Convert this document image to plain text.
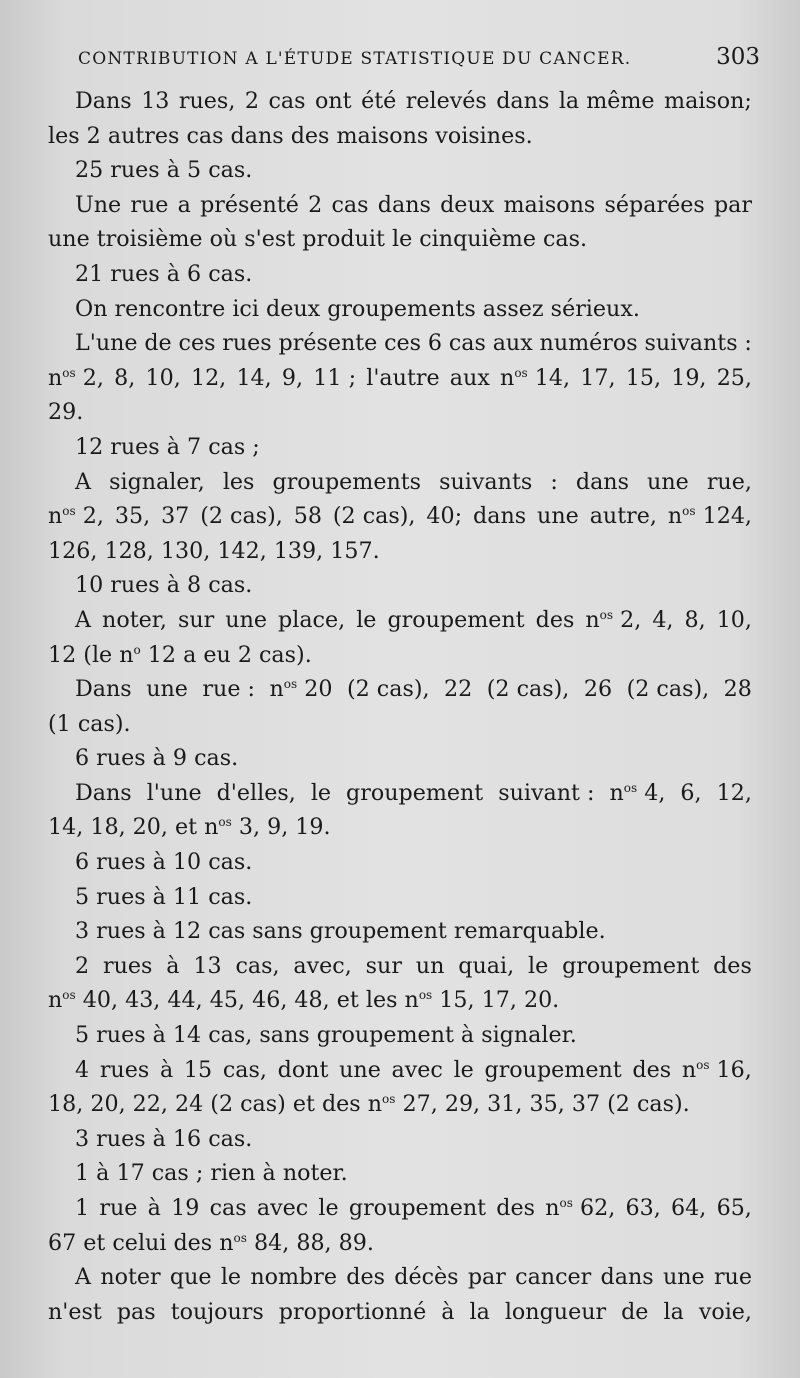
CONTRIBUTION A L'ÉTUDE STATISTIQUE DU CANCER.	303
Dans 13 rues, 2 cas ont été relevés dans la même maison;
les 2 autres cas dans des maisons voisines.
25 rues à 5 cas.
Une rue a présenté 2 cas dans deux maisons séparées par
une troisième où s'est produit le cinquième cas.
21 rues à 6 cas.
On rencontre ici deux groupements assez sérieux.
L'une de ces rues présente ces 6 cas aux numéros suivants :
$n^{os}$ 2, 8, 10, 12, 14, 9, 11 ; l'autre aux $n^{os}$ 14, 17, 15, 19, 25,
29.
12 rues à 7 cas ;
A signaler, les groupements suivants : dans une rue,
$n^{os}$ 2, 35, 37 (2 cas), 58 (2 cas), 40; dans une autre, $n^{os}$ 124,
126, 128, 130, 142, 139, 157.
10 rues à 8 cas.
A noter, sur une place, le groupement des $n^{os}$ 2, 4, 8, 10,
12 (le $n^o$ 12 a eu 2 cas).
Dans une rue : $n^{os}$ 20 (2 cas), 22 (2 cas), 26 (2 cas), 28
(1 cas).
6 rues à 9 cas.
Dans l'une d'elles, le groupement suivant : $n^{os}$ 4, 6, 12,
14, 18, 20, et $n^{os}$ 3, 9, 19.
6 rues à 10 cas.
5 rues à 11 cas.
3 rues à 12 cas sans groupement remarquable.
2 rues à 13 cas, avec, sur un quai, le groupement des
$n^{os}$ 40, 43, 44, 45, 46, 48, et les $n^{os}$ 15, 17, 20.
5 rues à 14 cas, sans groupement à signaler.
4 rues à 15 cas, dont une avec le groupement des $n^{os}$ 16,
18, 20, 22, 24 (2 cas) et des $n^{os}$ 27, 29, 31, 35, 37 (2 cas).
3 rues à 16 cas.
1 à 17 cas ; rien à noter.
1 rue à 19 cas avec le groupement des $n^{os}$ 62, 63, 64, 65,
67 et celui des $n^{os}$ 84, 88, 89.
A noter que le nombre des décès par cancer dans une rue
n'est pas toujours proportionné à la longueur de la voie,
